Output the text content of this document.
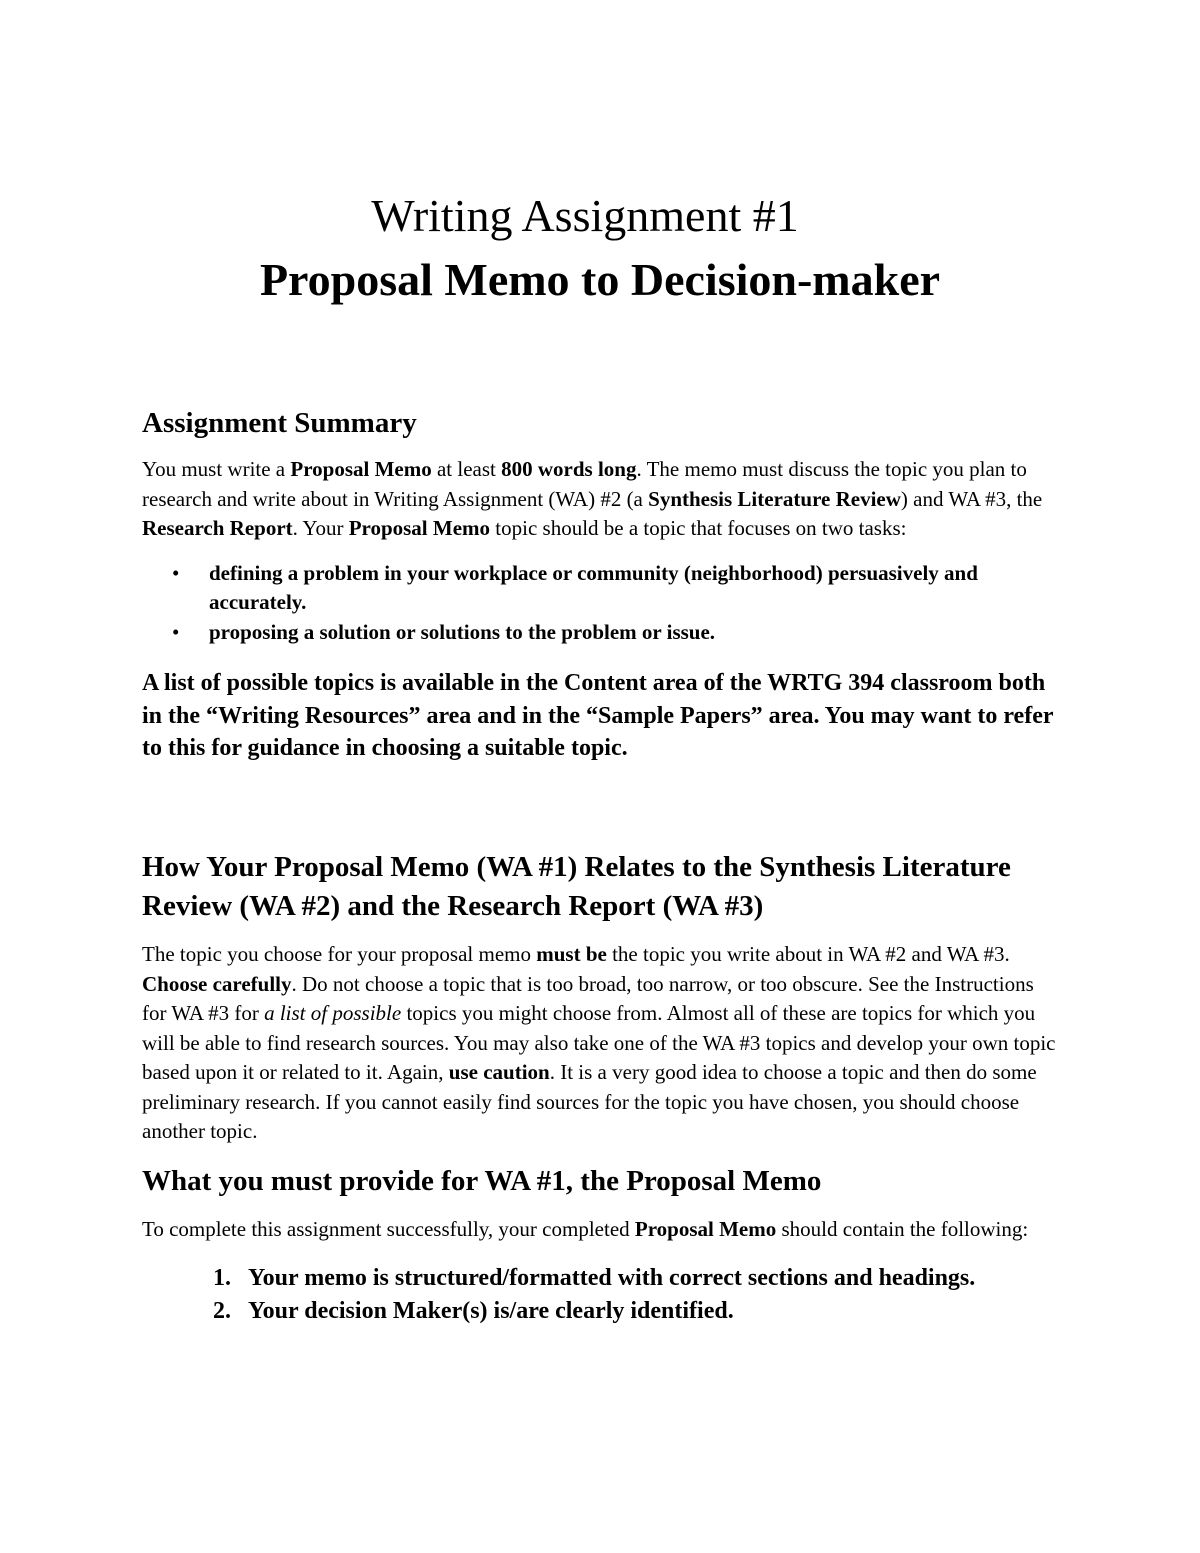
Writing Assignment #1
Proposal Memo to Decision-maker
Assignment Summary

You must write a Proposal Memo at least 800 words long. The memo must discuss the topic you plan to research and write about in Writing Assignment (WA) #2 (a Synthesis Literature Review) and WA #3, the Research Report. Your Proposal Memo topic should be a topic that focuses on two tasks:

• defining a problem in your workplace or community (neighborhood) persuasively and accurately.
• proposing a solution or solutions to the problem or issue.

A list of possible topics is available in the Content area of the WRTG 394 classroom both in the “Writing Resources” area and in the “Sample Papers” area. You may want to refer to this for guidance in choosing a suitable topic.

How Your Proposal Memo (WA #1) Relates to the Synthesis Literature Review (WA #2) and the Research Report (WA #3)

The topic you choose for your proposal memo must be the topic you write about in WA #2 and WA #3. Choose carefully. Do not choose a topic that is too broad, too narrow, or too obscure. See the Instructions for WA #3 for a list of possible topics you might choose from. Almost all of these are topics for which you will be able to find research sources. You may also take one of the WA #3 topics and develop your own topic based upon it or related to it. Again, use caution. It is a very good idea to choose a topic and then do some preliminary research. If you cannot easily find sources for the topic you have chosen, you should choose another topic.

What you must provide for WA #1, the Proposal Memo

To complete this assignment successfully, your completed Proposal Memo should contain the following:

1. Your memo is structured/formatted with correct sections and headings.
2. Your decision Maker(s) is/are clearly identified.
